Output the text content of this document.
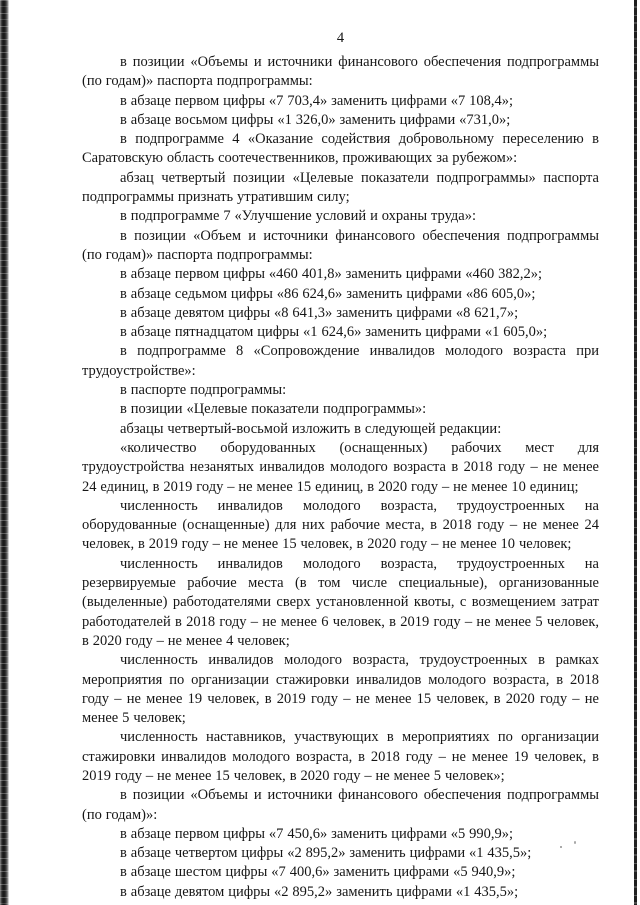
4

в позиции «Объемы и источники финансового обеспечения подпрограммы (по годам)» паспорта подпрограммы:

в абзаце первом цифры «7 703,4» заменить цифрами «7 108,4»;

в абзаце восьмом цифры «1 326,0» заменить цифрами «731,0»;

в подпрограмме 4 «Оказание содействия добровольному переселению в Саратовскую область соотечественников, проживающих за рубежом»:

абзац четвертый позиции «Целевые показатели подпрограммы» паспорта подпрограммы признать утратившим силу;

в подпрограмме 7 «Улучшение условий и охраны труда»:

в позиции «Объем и источники финансового обеспечения подпрограммы (по годам)» паспорта подпрограммы:

в абзаце первом цифры «460 401,8» заменить цифрами «460 382,2»;

в абзаце седьмом цифры «86 624,6» заменить цифрами «86 605,0»;

в абзаце девятом цифры «8 641,3» заменить цифрами «8 621,7»;

в абзаце пятнадцатом цифры «1 624,6» заменить цифрами «1 605,0»;

в подпрограмме 8 «Сопровождение инвалидов молодого возраста при трудоустройстве»:

в паспорте подпрограммы:

в позиции «Целевые показатели подпрограммы»:

абзацы четвертый-восьмой изложить в следующей редакции:

«количество оборудованных (оснащенных) рабочих мест для трудоустройства незанятых инвалидов молодого возраста в 2018 году – не менее 24 единиц, в 2019 году – не менее 15 единиц, в 2020 году – не менее 10 единиц;

численность инвалидов молодого возраста, трудоустроенных на оборудованные (оснащенные) для них рабочие места, в 2018 году – не менее 24 человек, в 2019 году – не менее 15 человек, в 2020 году – не менее 10 человек;

численность инвалидов молодого возраста, трудоустроенных на резервируемые рабочие места (в том числе специальные), организованные (выделенные) работодателями сверх установленной квоты, с возмещением затрат работодателей в 2018 году – не менее 6 человек, в 2019 году – не менее 5 человек, в 2020 году – не менее 4 человек;

численность инвалидов молодого возраста, трудоустроенных в рамках мероприятия по организации стажировки инвалидов молодого возраста, в 2018 году – не менее 19 человек, в 2019 году – не менее 15 человек, в 2020 году – не менее 5 человек;

численность наставников, участвующих в мероприятиях по организации стажировки инвалидов молодого возраста, в 2018 году – не менее 19 человек, в 2019 году – не менее 15 человек, в 2020 году – не менее 5 человек»;

в позиции «Объемы и источники финансового обеспечения подпрограммы (по годам)»:

в абзаце первом цифры «7 450,6» заменить цифрами «5 990,9»;

в абзаце четвертом цифры «2 895,2» заменить цифрами «1 435,5»;

в абзаце шестом цифры «7 400,6» заменить цифрами «5 940,9»;

в абзаце девятом цифры «2 895,2» заменить цифрами «1 435,5»;
